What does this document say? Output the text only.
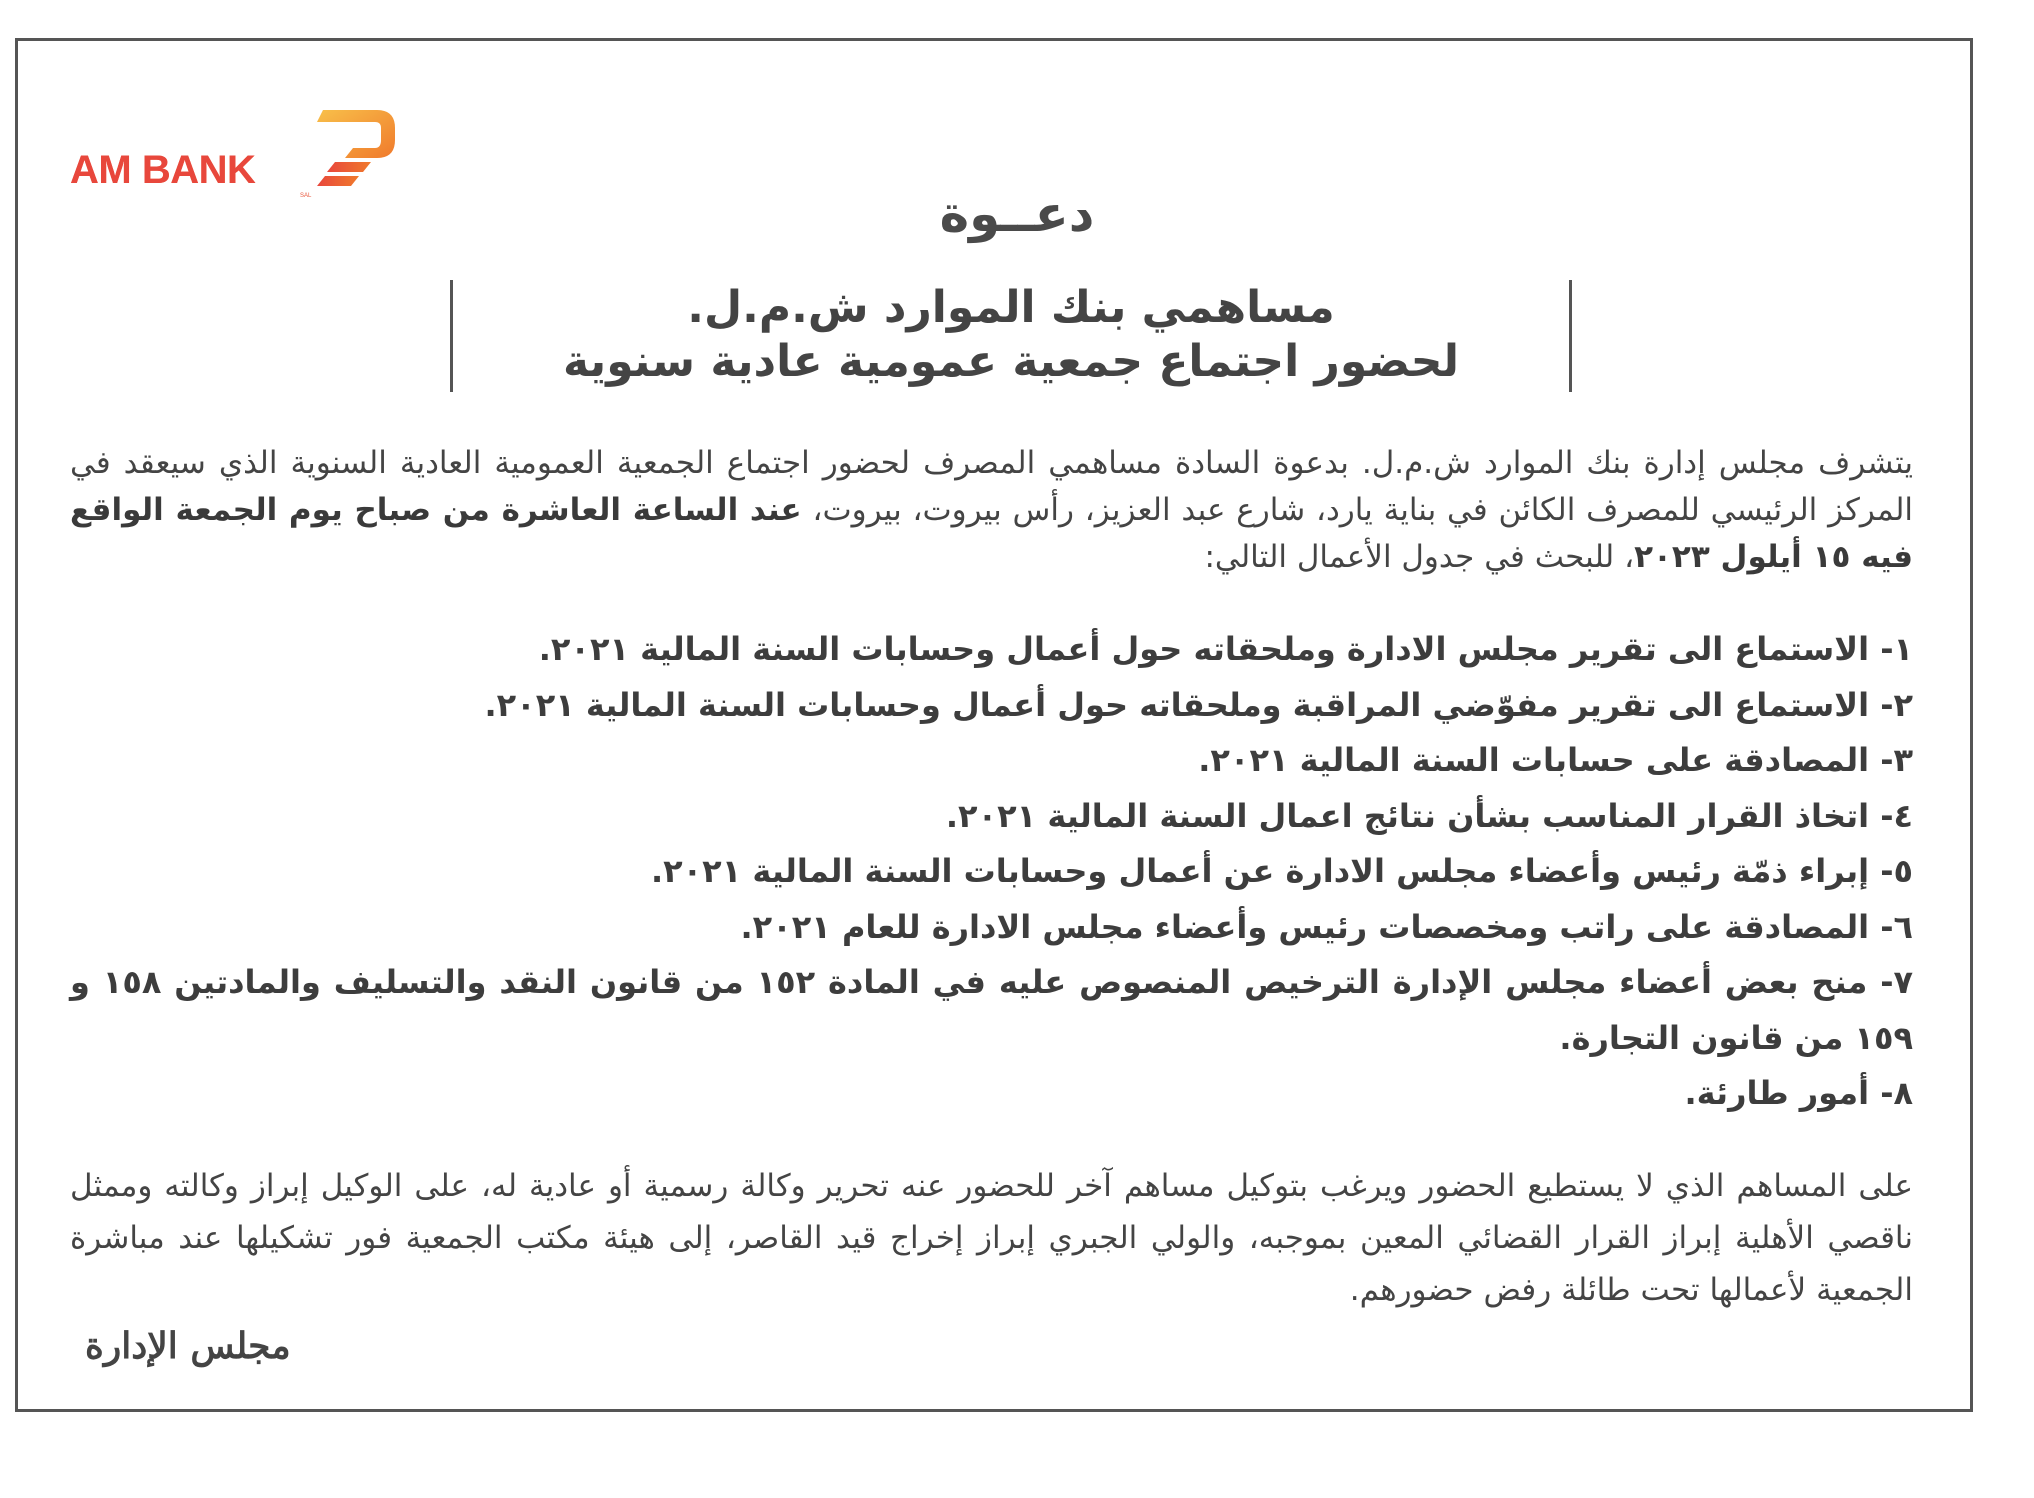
AM BANK
SAL	دعــوة
مساهمي بنك الموارد ش.م.ل.
لحضور اجتماع جمعية عمومية عادية سنوية
يتشرف مجلس إدارة بنك الموارد ش.م.ل. بدعوة السادة مساهمي المصرف لحضور اجتماع الجمعية العمومية العادية السنوية الذي سيعقد في المركز الرئيسي للمصرف الكائن في بناية يارد، شارع عبد العزيز، رأس بيروت، بيروت، عند الساعة العاشرة من صباح يوم الجمعة الواقع فيه ١٥ أيلول ٢٠٢٣، للبحث في جدول الأعمال التالي:
١- الاستماع الى تقرير مجلس الادارة وملحقاته حول أعمال وحسابات السنة المالية ٢٠٢١.
٢- الاستماع الى تقرير مفوّضي المراقبة وملحقاته حول أعمال وحسابات السنة المالية ٢٠٢١.
٣- المصادقة على حسابات السنة المالية ٢٠٢١.
٤- اتخاذ القرار المناسب بشأن نتائج اعمال السنة المالية ٢٠٢١.
٥- إبراء ذمّة رئيس وأعضاء مجلس الادارة عن أعمال وحسابات السنة المالية ٢٠٢١.
٦- المصادقة على راتب ومخصصات رئيس وأعضاء مجلس الادارة للعام ٢٠٢١.
٧- منح بعض أعضاء مجلس الإدارة الترخيص المنصوص عليه في المادة ١٥٢ من قانون النقد والتسليف والمادتين ١٥٨ و ١٥٩ من قانون التجارة.
٨- أمور طارئة.
على المساهم الذي لا يستطيع الحضور ويرغب بتوكيل مساهم آخر للحضور عنه تحرير وكالة رسمية أو عادية له، على الوكيل إبراز وكالته وممثل ناقصي الأهلية إبراز القرار القضائي المعين بموجبه، والولي الجبري إبراز إخراج قيد القاصر، إلى هيئة مكتب الجمعية فور تشكيلها عند مباشرة الجمعية لأعمالها تحت طائلة رفض حضورهم.
مجلس الإدارة
